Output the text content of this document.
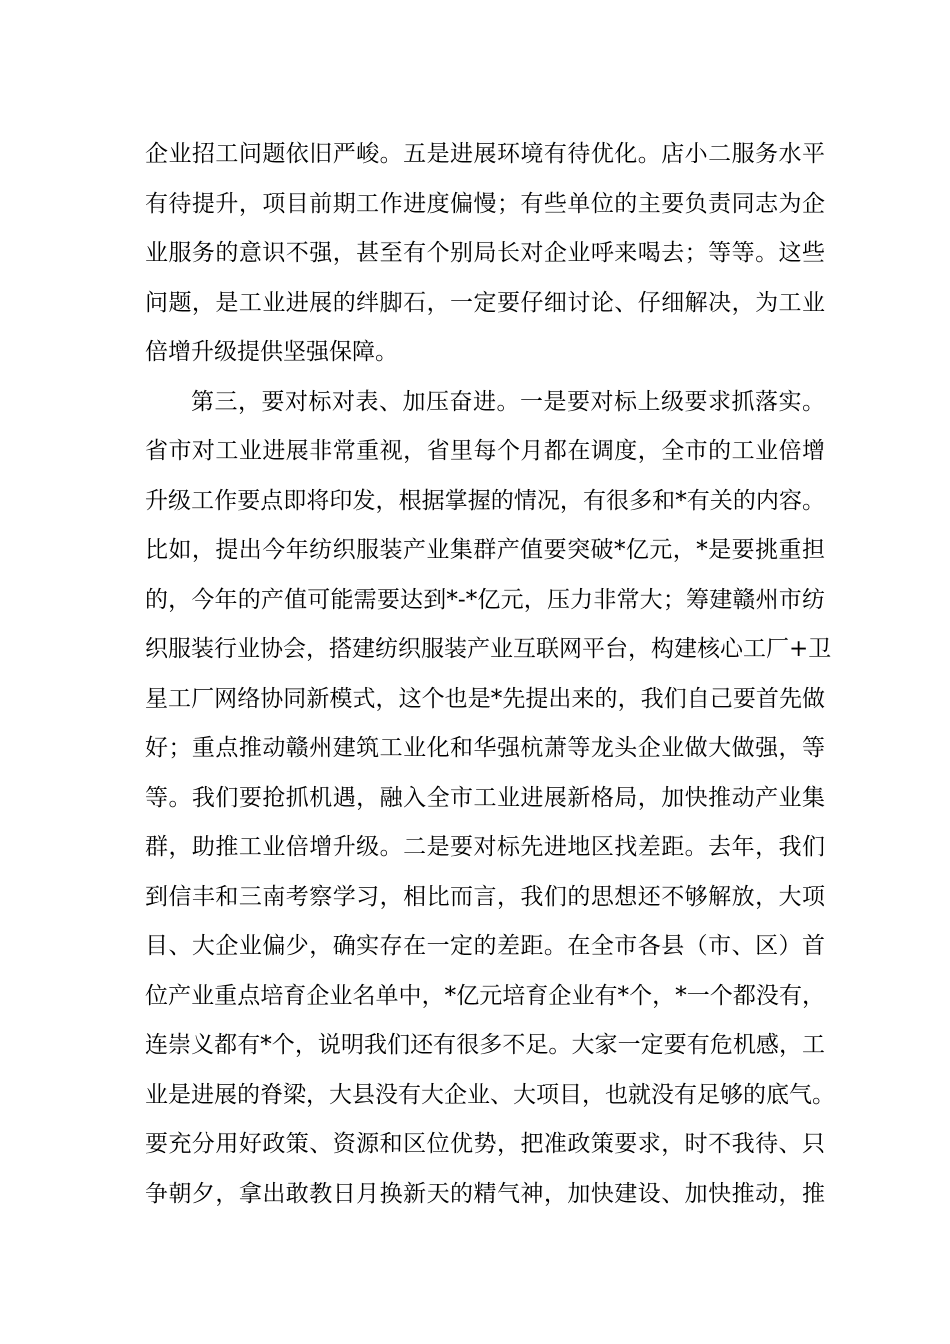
企业招工问题依旧严峻。五是进展环境有待优化。店小二服务水平
有待提升，项目前期工作进度偏慢；有些单位的主要负责同志为企
业服务的意识不强，甚至有个别局长对企业呼来喝去；等等。这些
问题，是工业进展的绊脚石，一定要仔细讨论、仔细解决，为工业
倍增升级提供坚强保障。
第三，要对标对表、加压奋进。一是要对标上级要求抓落实。
省市对工业进展非常重视，省里每个月都在调度，全市的工业倍增
升级工作要点即将印发，根据掌握的情况，有很多和*有关的内容。
比如，提出今年纺织服装产业集群产值要突破*亿元，*是要挑重担
的，今年的产值可能需要达到*-*亿元，压力非常大；筹建赣州市纺
织服装行业协会，搭建纺织服装产业互联网平台，构建核心工厂+卫
星工厂网络协同新模式，这个也是*先提出来的，我们自己要首先做
好；重点推动赣州建筑工业化和华强杭萧等龙头企业做大做强，等
等。我们要抢抓机遇，融入全市工业进展新格局，加快推动产业集
群，助推工业倍增升级。二是要对标先进地区找差距。去年，我们
到信丰和三南考察学习，相比而言，我们的思想还不够解放，大项
目、大企业偏少，确实存在一定的差距。在全市各县（市、区）首
位产业重点培育企业名单中，*亿元培育企业有*个，*一个都没有，
连崇义都有*个，说明我们还有很多不足。大家一定要有危机感，工
业是进展的脊梁，大县没有大企业、大项目，也就没有足够的底气。
要充分用好政策、资源和区位优势，把准政策要求，时不我待、只
争朝夕，拿出敢教日月换新天的精气神，加快建设、加快推动，推
